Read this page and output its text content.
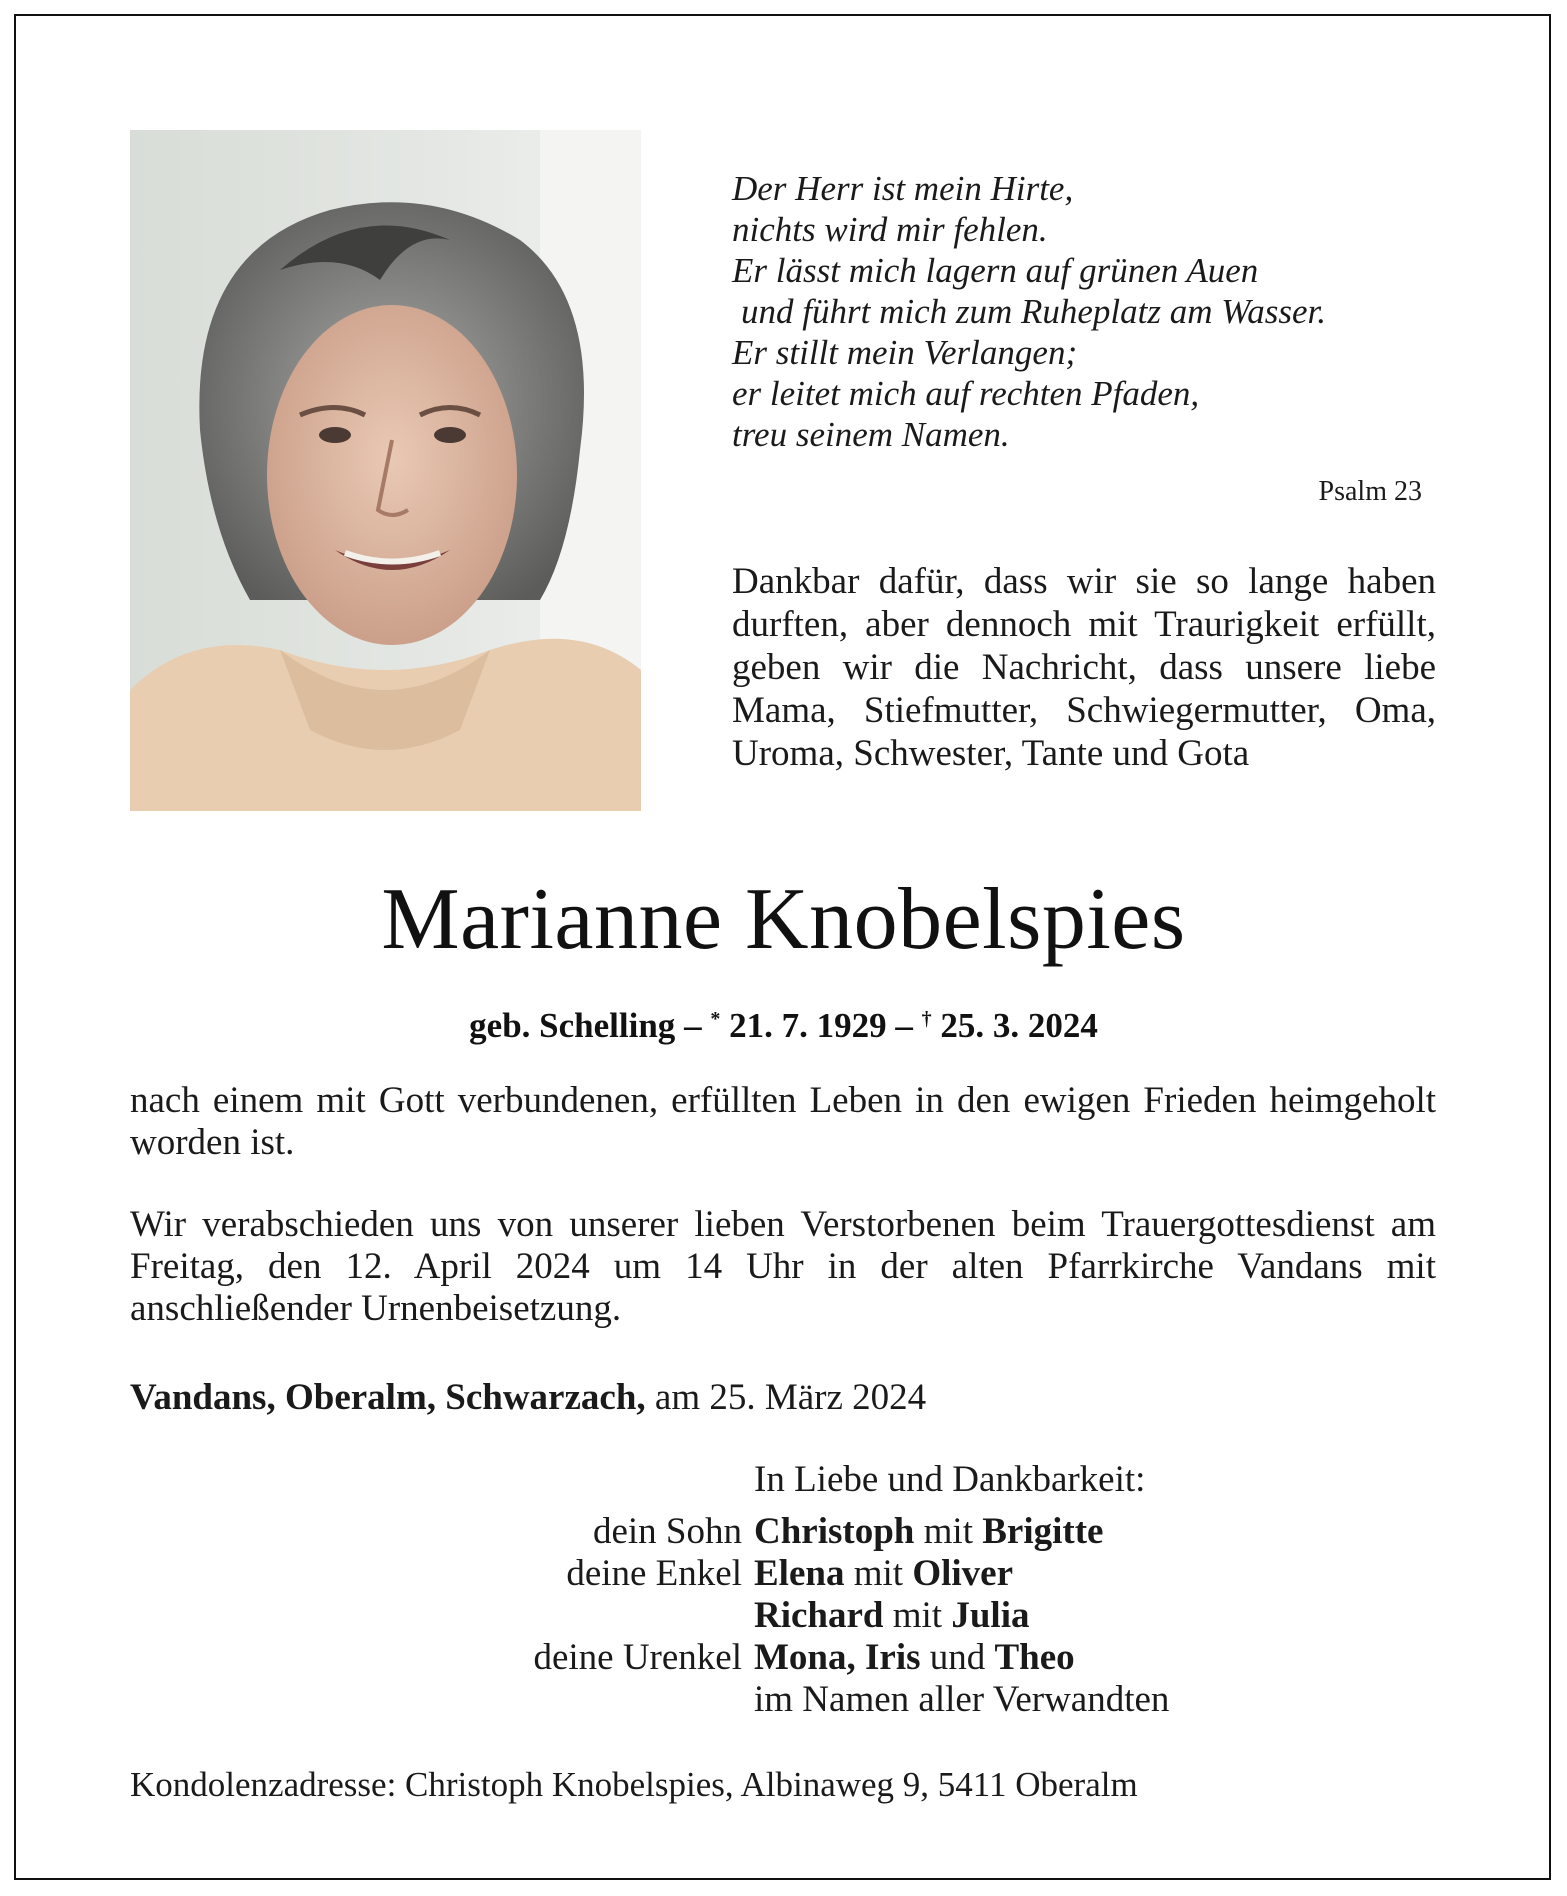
Der Herr ist mein Hirte,
nichts wird mir fehlen.
Er lässt mich lagern auf grünen Auen
und führt mich zum Ruheplatz am Wasser.
Er stillt mein Verlangen;
er leitet mich auf rechten Pfaden,
treu seinem Namen.
Psalm 23
Dankbar dafür, dass wir sie so lange haben durften, aber dennoch mit Traurigkeit erfüllt, geben wir die Nachricht, dass unsere liebe Mama, Stiefmutter, Schwiegermutter, Oma, Uroma, Schwester, Tante und Gota
Marianne Knobelspies
geb. Schelling – * 21. 7. 1929 – † 25. 3. 2024
nach einem mit Gott verbundenen, erfüllten Leben in den ewigen Frieden heimgeholt worden ist.
Wir verabschieden uns von unserer lieben Verstorbenen beim Trauergottesdienst am Freitag, den 12. April 2024 um 14 Uhr in der alten Pfarrkirche Vandans mit anschließender Urnenbeisetzung.
Vandans, Oberalm, Schwarzach, am 25. März 2024
In Liebe und Dankbarkeit:
dein Sohn Christoph mit Brigitte
deine Enkel Elena mit Oliver
Richard mit Julia
deine Urenkel Mona, Iris und Theo
im Namen aller Verwandten
Kondolenzadresse: Christoph Knobelspies, Albinaweg 9, 5411 Oberalm
